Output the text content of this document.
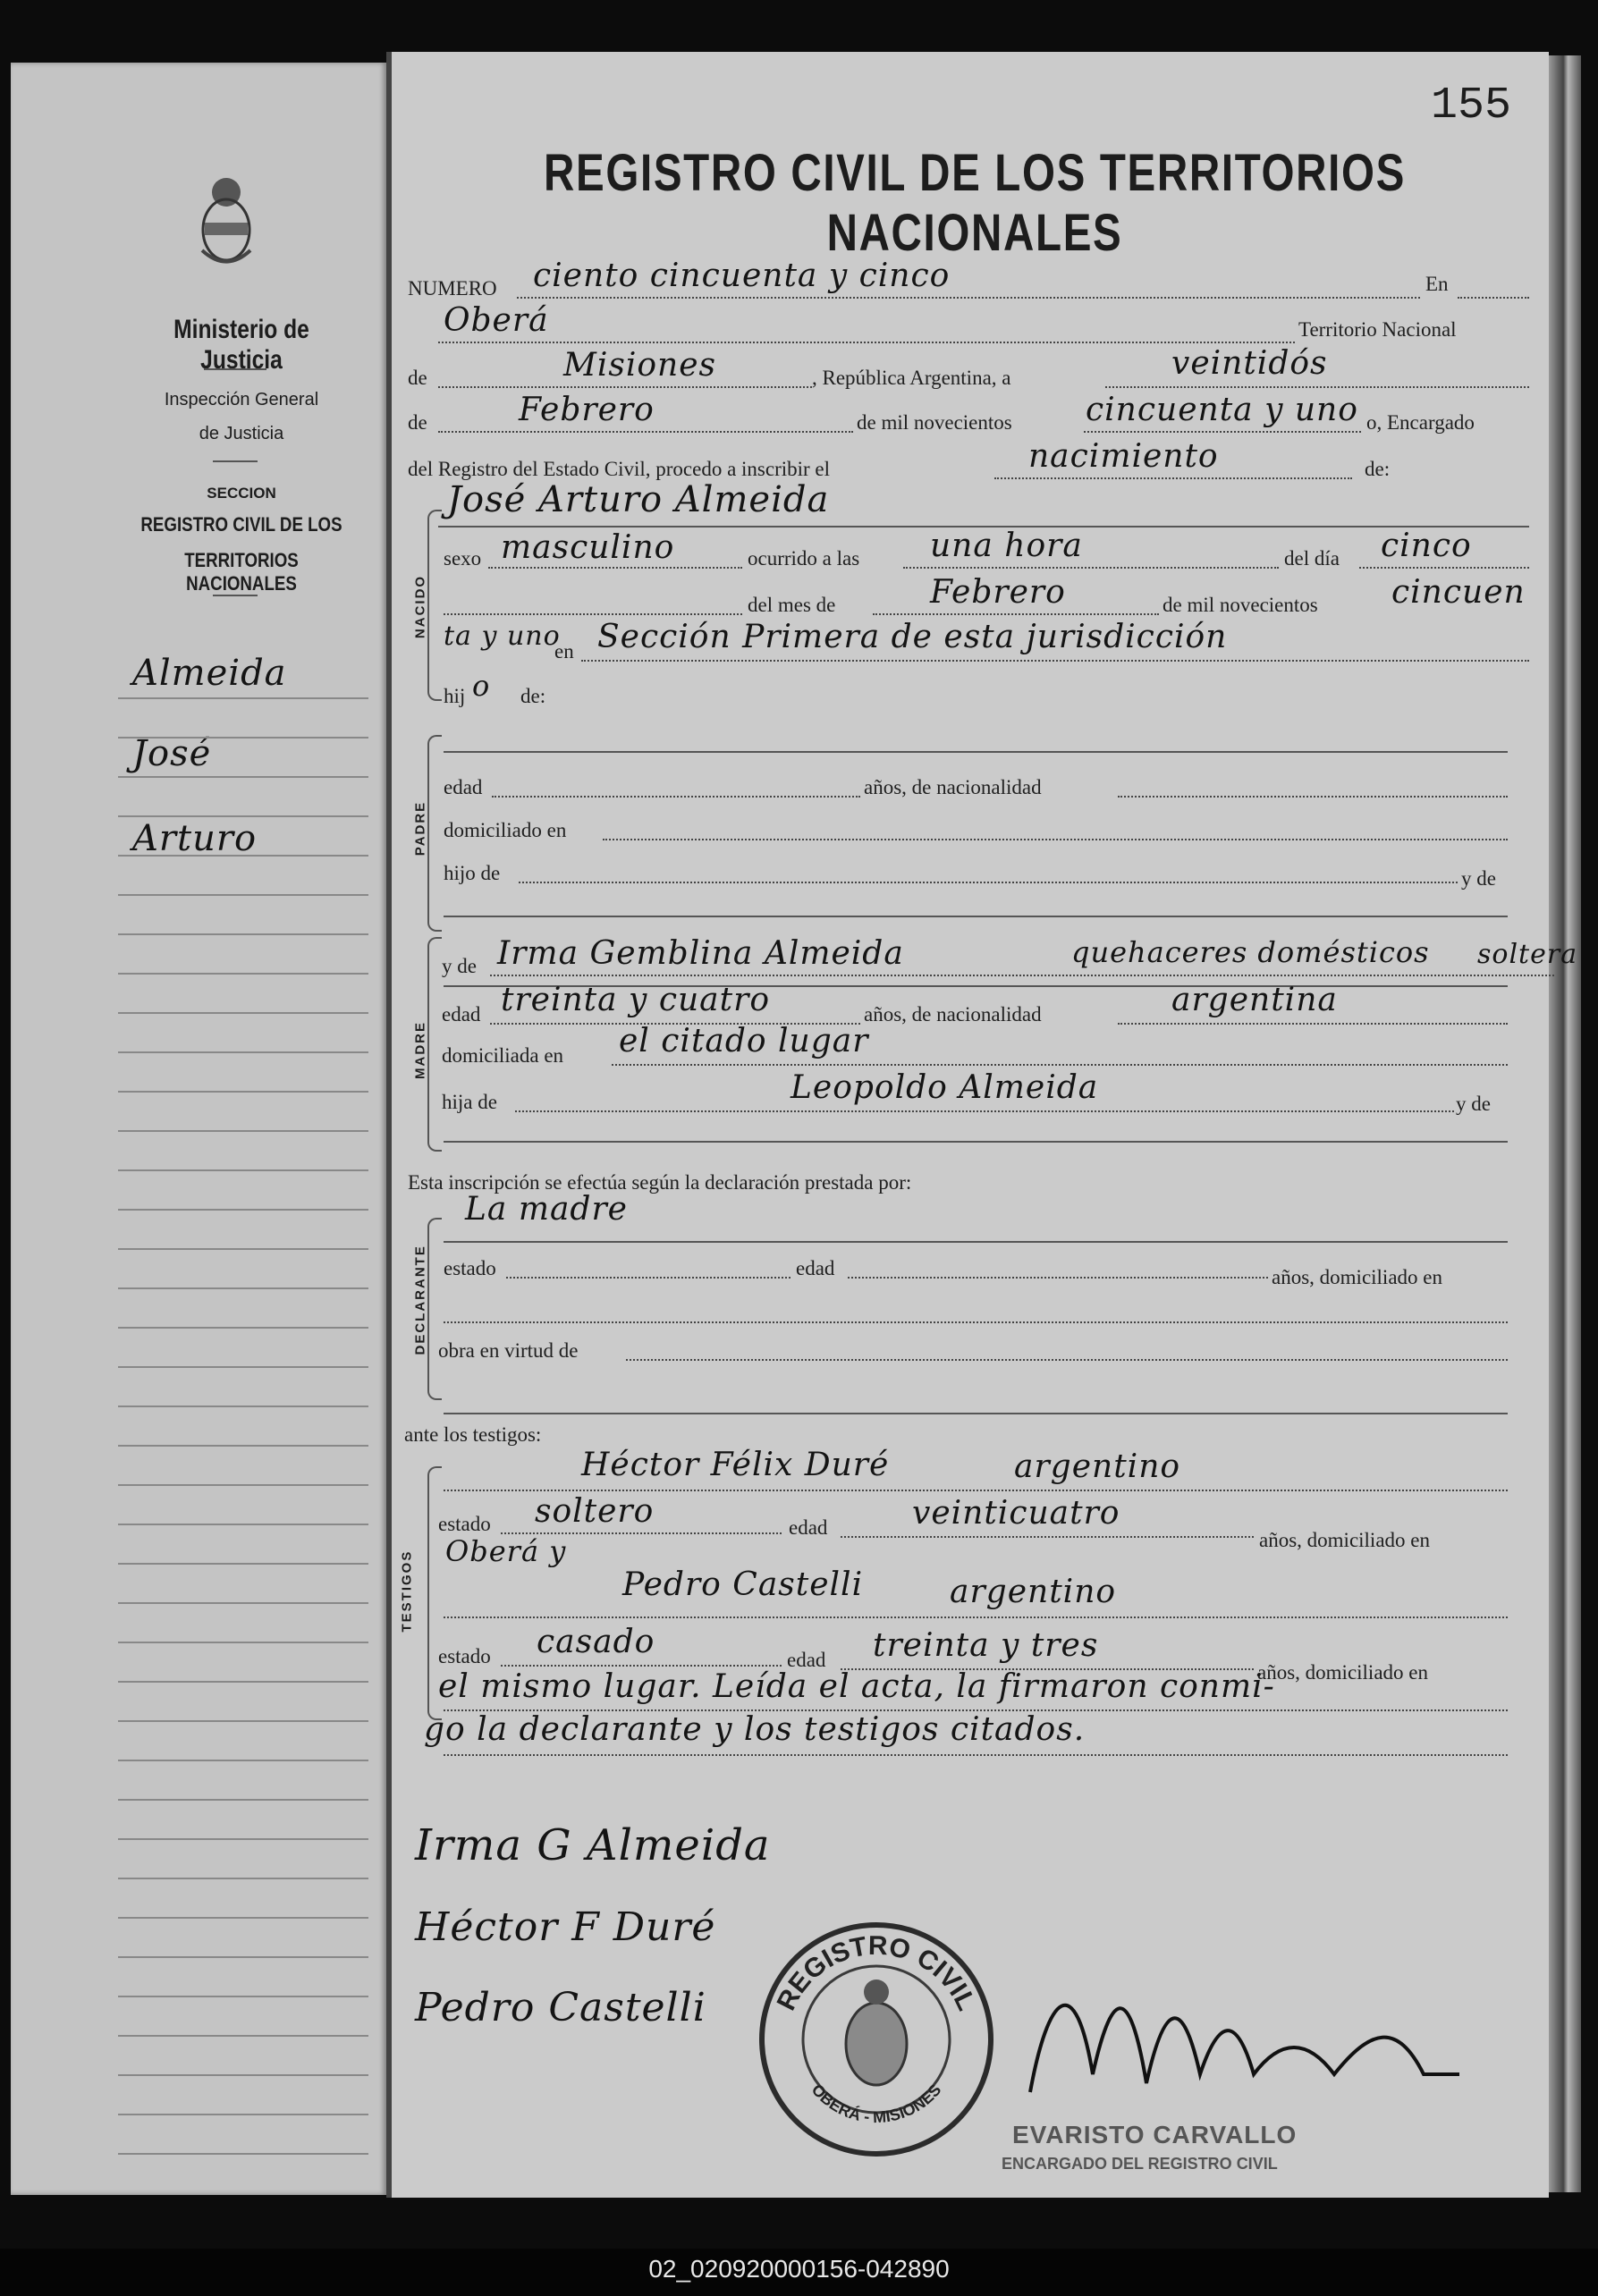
Ministerio de Justicia
Inspección General
de Justicia
SECCION
REGISTRO CIVIL DE LOS
TERRITORIOS NACIONALES
Almeida
José
Arturo
155
REGISTRO CIVIL DE LOS TERRITORIOS NACIONALES
NUMERO ciento cincuenta y cinco	En
Oberá	Territorio Nacional
de	Misiones	, República Argentina, a	veintidós
de	Febrero	de mil novecientos cincuenta y uno o, Encargado
del Registro del Estado Civil, procedo a inscribir el	nacimiento	de:
José Arturo Almeida
NACIDO
sexo masculino	ocurrido a las una hora	del día cinco
del mes de	Febrero	de mil novecientos cincuen
ta y uno
en Sección Primera de esta jurisdicción
hij o de:
PADRE
edad	años, de nacionalidad
domiciliado en
hijo de	y de
MADRE
y de Irma Gemblina Almeida	quehaceres domésticos soltera
edad treinta y cuatro	años, de nacionalidad	argentina
domiciliada en el citado lugar
hija de	Leopoldo Almeida	y de
Esta inscripción se efectúa según la declaración prestada por:
La madre
DECLARANTE estado	edad	años, domiciliado en
obra en virtud de
ante los testigos:
TESTIGOS
Héctor Félix Duré	argentino
estado soltero	edad	veinticuatro
años, domiciliado en
Oberá y
Pedro Castelli	argentino
estado casado	edad treinta y tres
años, domiciliado en
el mismo lugar. Leída el acta, la firmaron conmi-
go la declarante y los testigos citados.
Irma G Almeida
Héctor F Duré
Pedro Castelli REGISTRO CIVIL
OBERÁ - MISIONES
EVARISTO CARVALLO
ENCARGADO DEL REGISTRO CIVIL
02_020920000156-042890
